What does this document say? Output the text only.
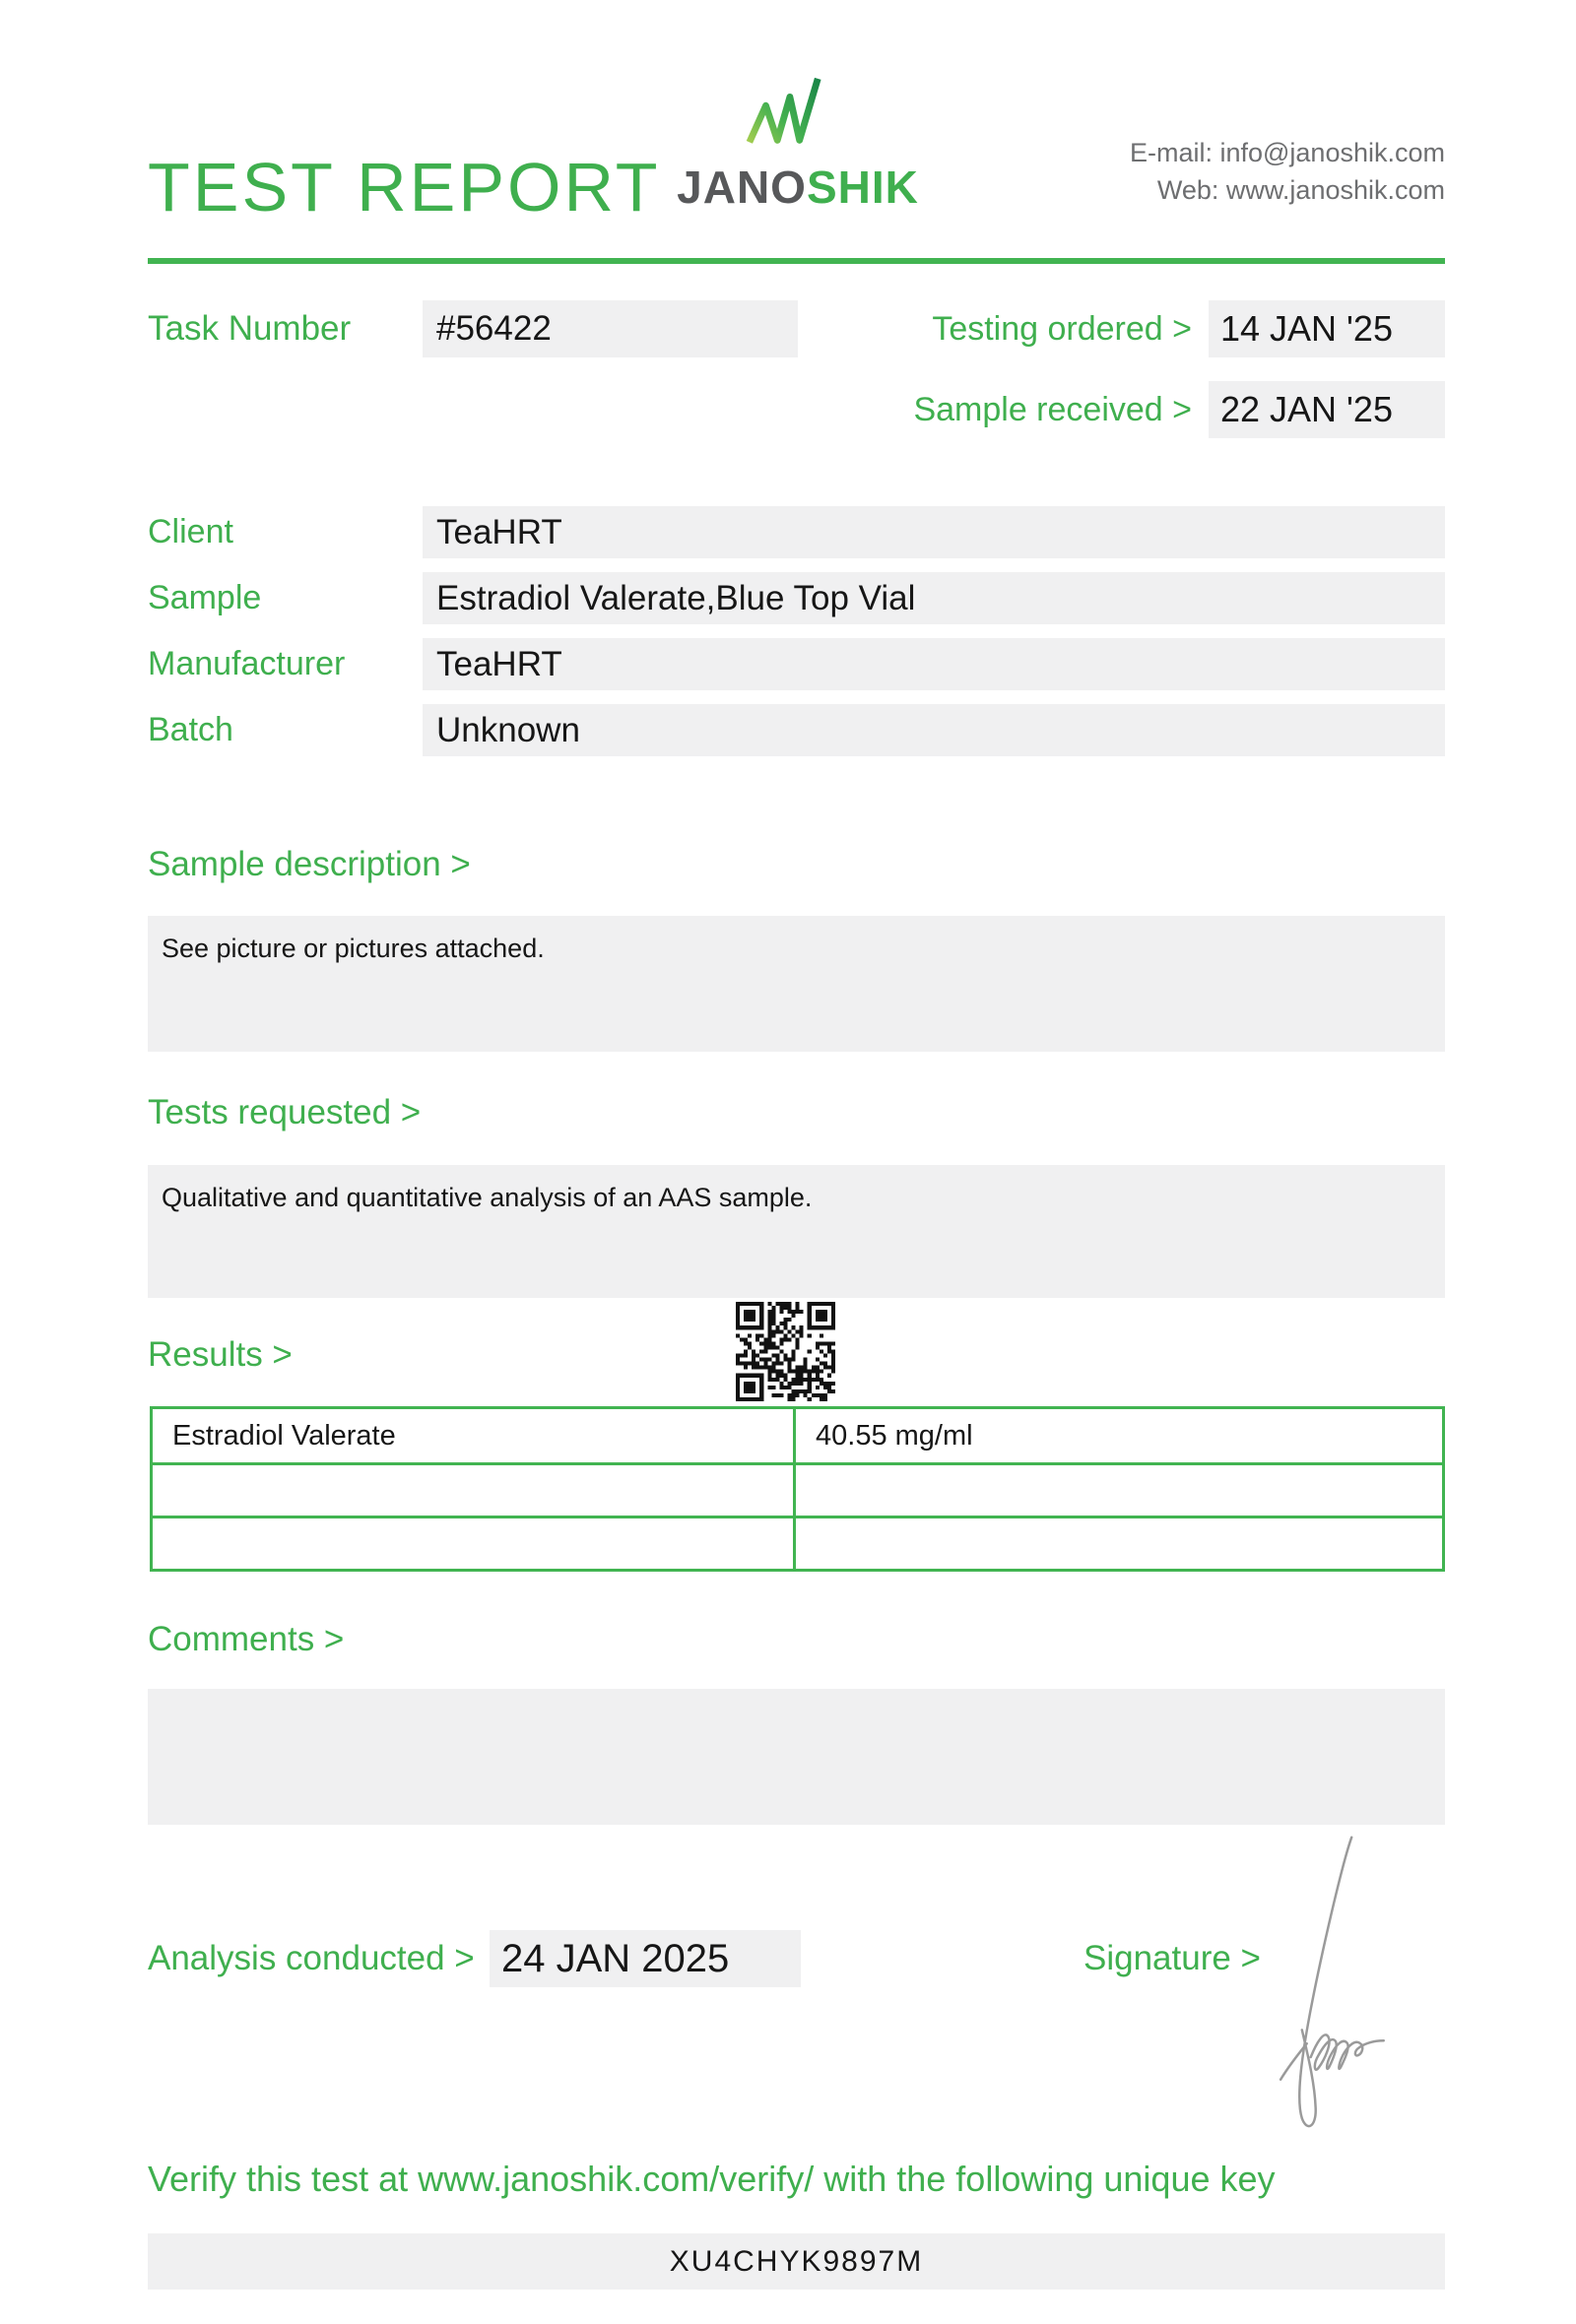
TEST REPORT JANOSHIK
E-mail: info@janoshik.com
Web: www.janoshik.com
Task Number	#56422	Testing ordered > 14 JAN '25
Sample received > 22 JAN '25
Client	TeaHRT
Sample	Estradiol Valerate,Blue Top Vial
Manufacturer	TeaHRT
Batch	Unknown
Sample description >
See picture or pictures attached.
Tests requested >
Qualitative and quantitative analysis of an AAS sample.
Results >
Estradiol Valerate	40.55 mg/ml
Comments >
Analysis conducted > 24 JAN 2025	Signature >
Verify this test at www.janoshik.com/verify/ with the following unique key
XU4CHYK9897M
